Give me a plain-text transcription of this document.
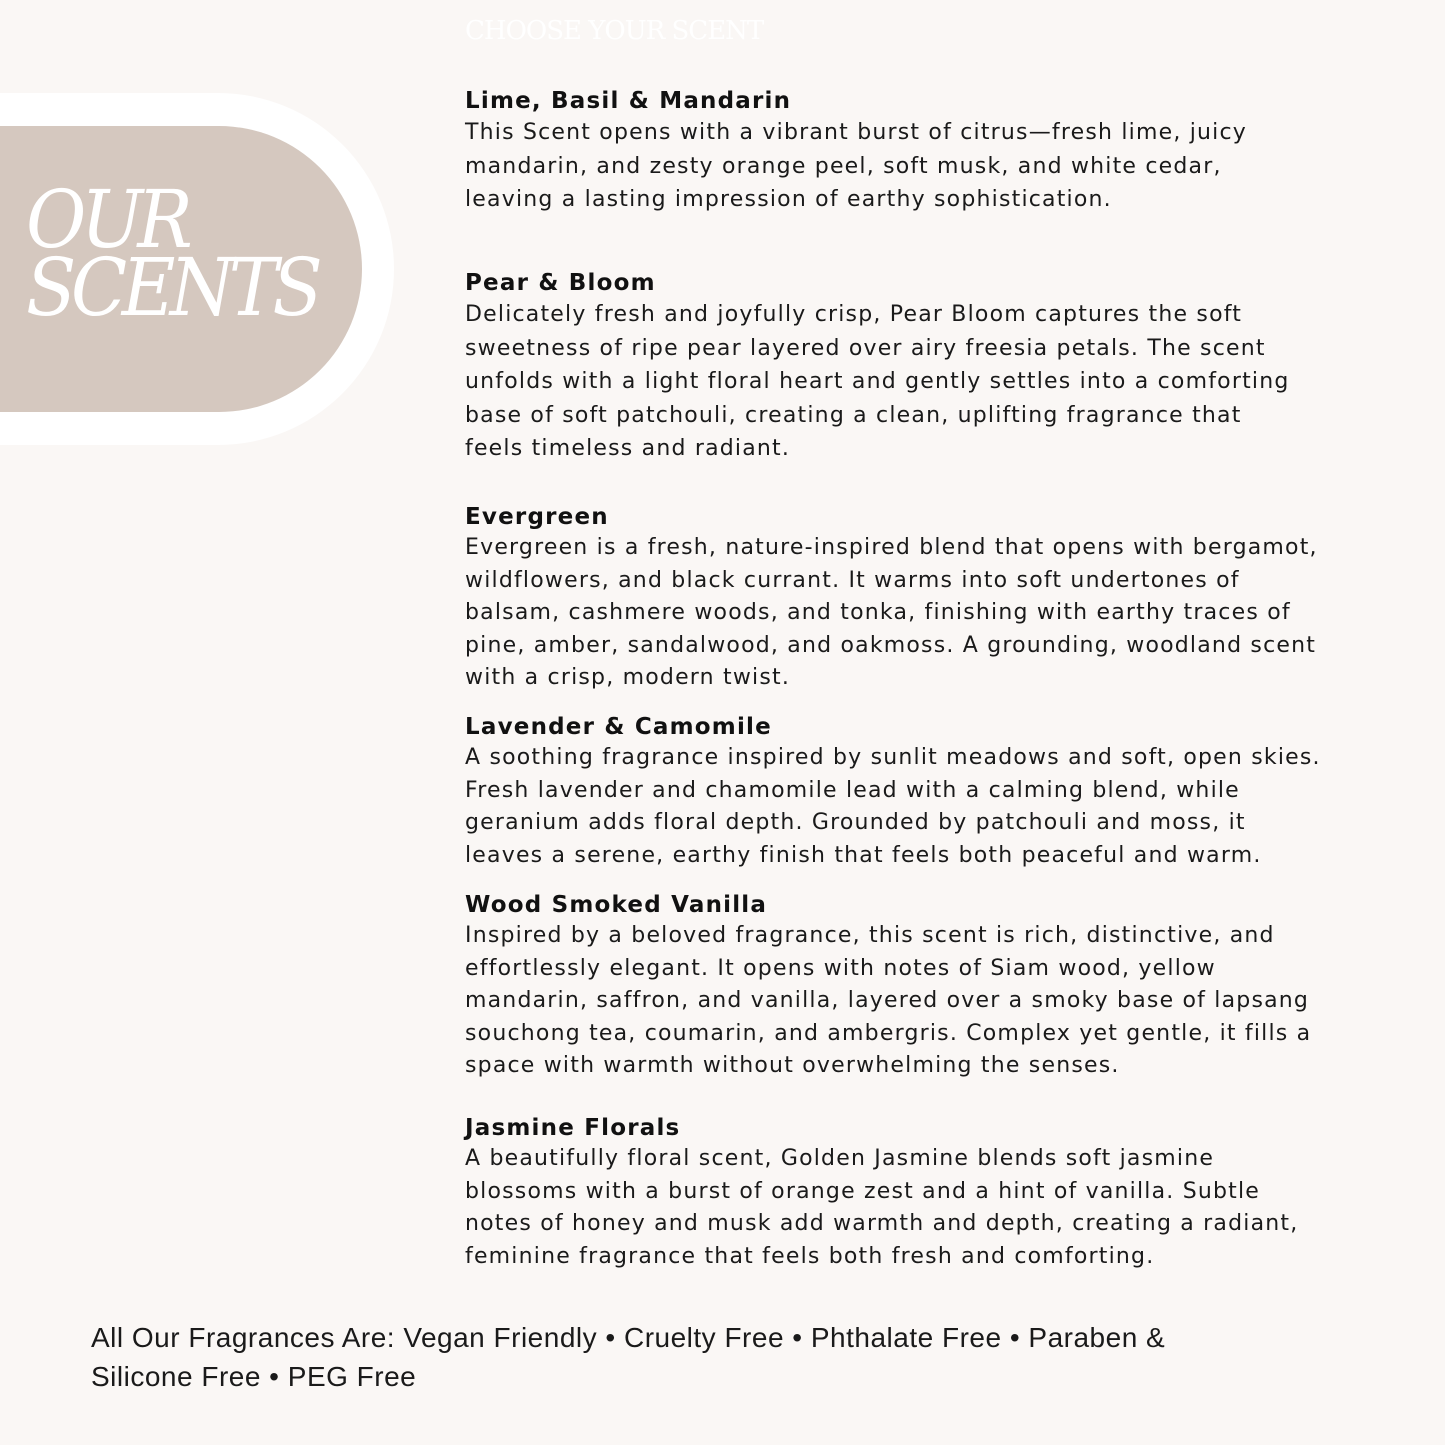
CHOOSE YOUR SCENT
OUR
SCENTS

Lime, Basil & Mandarin

This Scent opens with a vibrant burst of citrus—fresh lime, juicy
mandarin, and zesty orange peel, soft musk, and white cedar,
leaving a lasting impression of earthy sophistication.

Pear & Bloom

Delicately fresh and joyfully crisp, Pear Bloom captures the soft
sweetness of ripe pear layered over airy freesia petals. The scent
unfolds with a light floral heart and gently settles into a comforting
base of soft patchouli, creating a clean, uplifting fragrance that
feels timeless and radiant.

Evergreen

Evergreen is a fresh, nature-inspired blend that opens with bergamot,
wildflowers, and black currant. It warms into soft undertones of
balsam, cashmere woods, and tonka, finishing with earthy traces of
pine, amber, sandalwood, and oakmoss. A grounding, woodland scent
with a crisp, modern twist.

Lavender & Camomile

A soothing fragrance inspired by sunlit meadows and soft, open skies.
Fresh lavender and chamomile lead with a calming blend, while
geranium adds floral depth. Grounded by patchouli and moss, it
leaves a serene, earthy finish that feels both peaceful and warm.

Wood Smoked Vanilla

Inspired by a beloved fragrance, this scent is rich, distinctive, and
effortlessly elegant. It opens with notes of Siam wood, yellow
mandarin, saffron, and vanilla, layered over a smoky base of lapsang
souchong tea, coumarin, and ambergris. Complex yet gentle, it fills a
space with warmth without overwhelming the senses.

Jasmine Florals

A beautifully floral scent, Golden Jasmine blends soft jasmine
blossoms with a burst of orange zest and a hint of vanilla. Subtle
notes of honey and musk add warmth and depth, creating a radiant,
feminine fragrance that feels both fresh and comforting.

All Our Fragrances Are: Vegan Friendly • Cruelty Free • Phthalate Free • Paraben &
Silicone Free • PEG Free
